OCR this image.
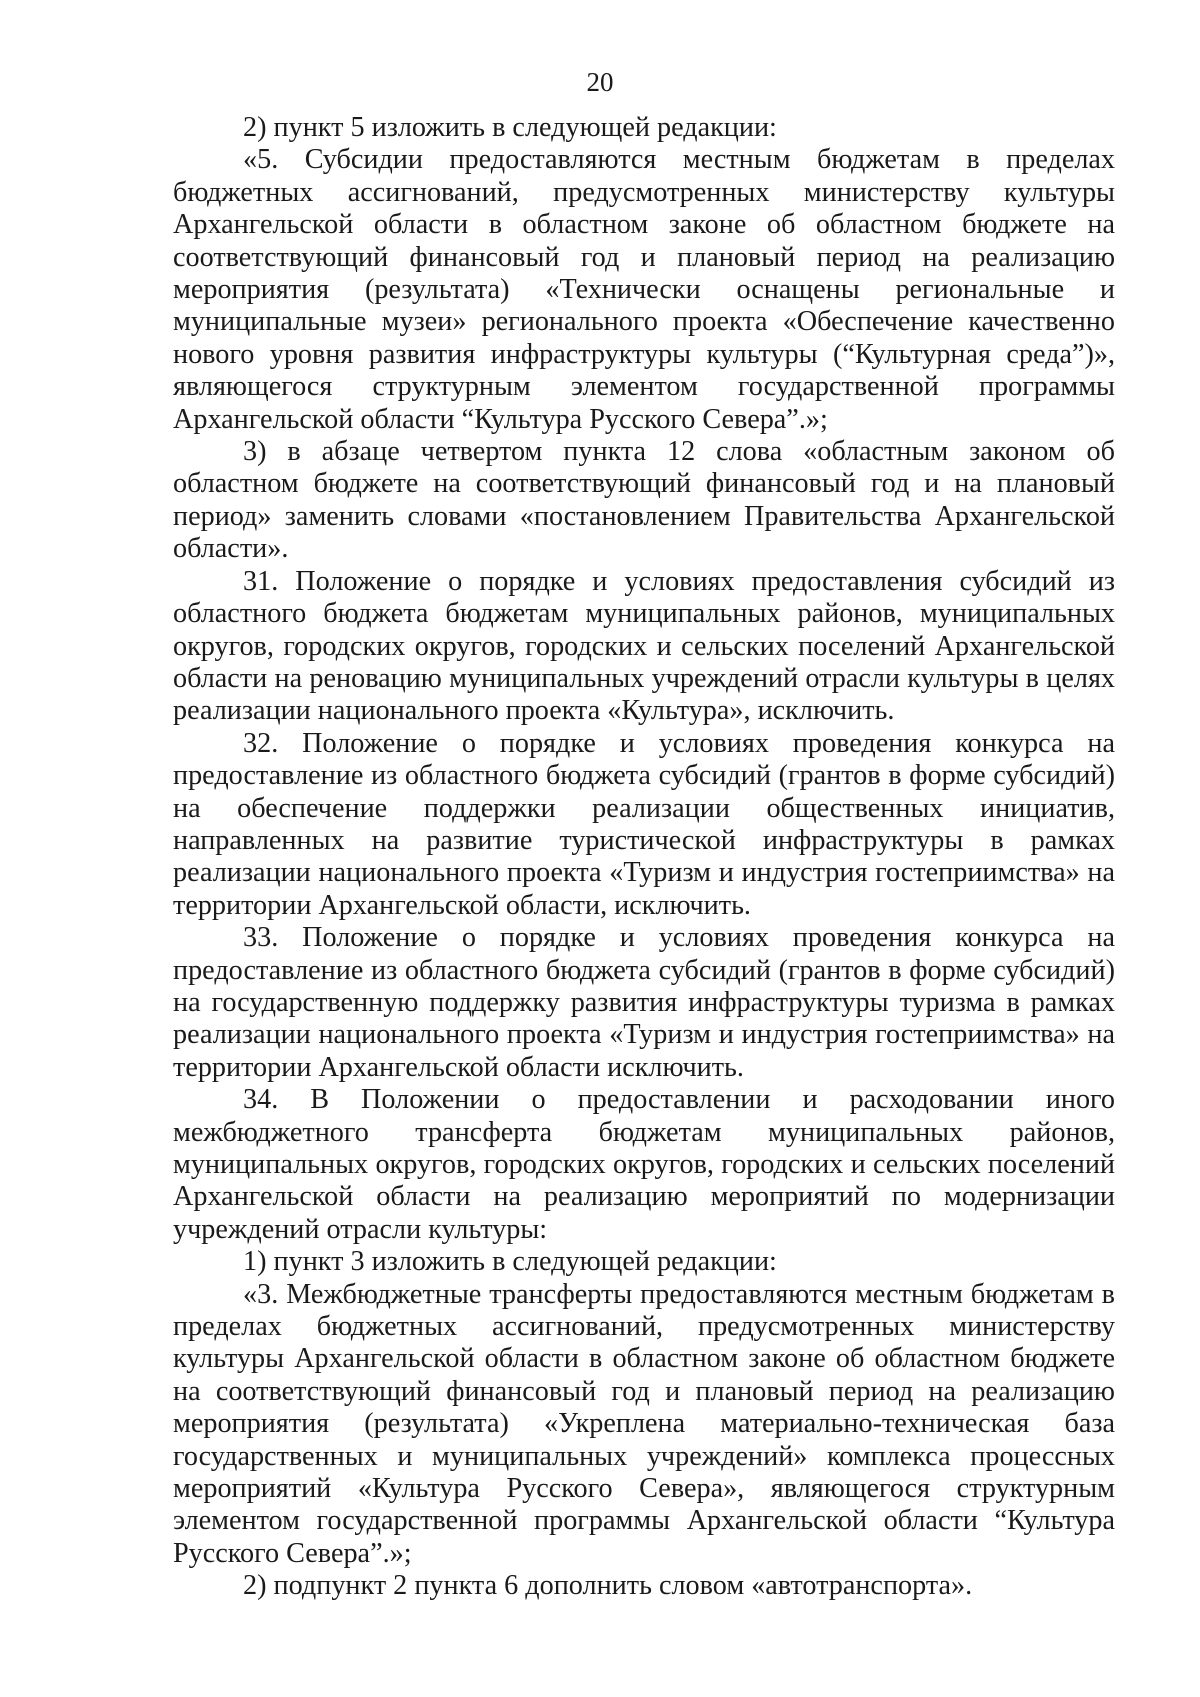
20

2) пункт 5 изложить в следующей редакции:

«5. Субсидии предоставляются местным бюджетам в пределах бюджетных ассигнований, предусмотренных министерству культуры Архангельской области в областном законе об областном бюджете на соответствующий финансовый год и плановый период на реализацию мероприятия (результата) «Технически оснащены региональные и муниципальные музеи» регионального проекта «Обеспечение качественно нового уровня развития инфраструктуры культуры (“Культурная среда”)», являющегося структурным элементом государственной программы Архангельской области “Культура Русского Севера”.»;

3) в абзаце четвертом пункта 12 слова «областным законом об областном бюджете на соответствующий финансовый год и на плановый период» заменить словами «постановлением Правительства Архангельской области».

31. Положение о порядке и условиях предоставления субсидий из областного бюджета бюджетам муниципальных районов, муниципальных округов, городских округов, городских и сельских поселений Архангельской области на реновацию муниципальных учреждений отрасли культуры в целях реализации национального проекта «Культура», исключить.

32. Положение о порядке и условиях проведения конкурса на предоставление из областного бюджета субсидий (грантов в форме субсидий) на обеспечение поддержки реализации общественных инициатив, направленных на развитие туристической инфраструктуры в рамках реализации национального проекта «Туризм и индустрия гостеприимства» на территории Архангельской области, исключить.

33. Положение о порядке и условиях проведения конкурса на предоставление из областного бюджета субсидий (грантов в форме субсидий) на государственную поддержку развития инфраструктуры туризма в рамках реализации национального проекта «Туризм и индустрия гостеприимства» на территории Архангельской области исключить.

34. В Положении о предоставлении и расходовании иного межбюджетного трансферта бюджетам муниципальных районов, муниципальных округов, городских округов, городских и сельских поселений Архангельской области на реализацию мероприятий по модернизации учреждений отрасли культуры:

1) пункт 3 изложить в следующей редакции:

«3. Межбюджетные трансферты предоставляются местным бюджетам в пределах бюджетных ассигнований, предусмотренных министерству культуры Архангельской области в областном законе об областном бюджете на соответствующий финансовый год и плановый период на реализацию мероприятия (результата) «Укреплена материально-техническая база государственных и муниципальных учреждений» комплекса процессных мероприятий «Культура Русского Севера», являющегося структурным элементом государственной программы Архангельской области “Культура Русского Севера”.»;

2) подпункт 2 пункта 6 дополнить словом «автотранспорта».
